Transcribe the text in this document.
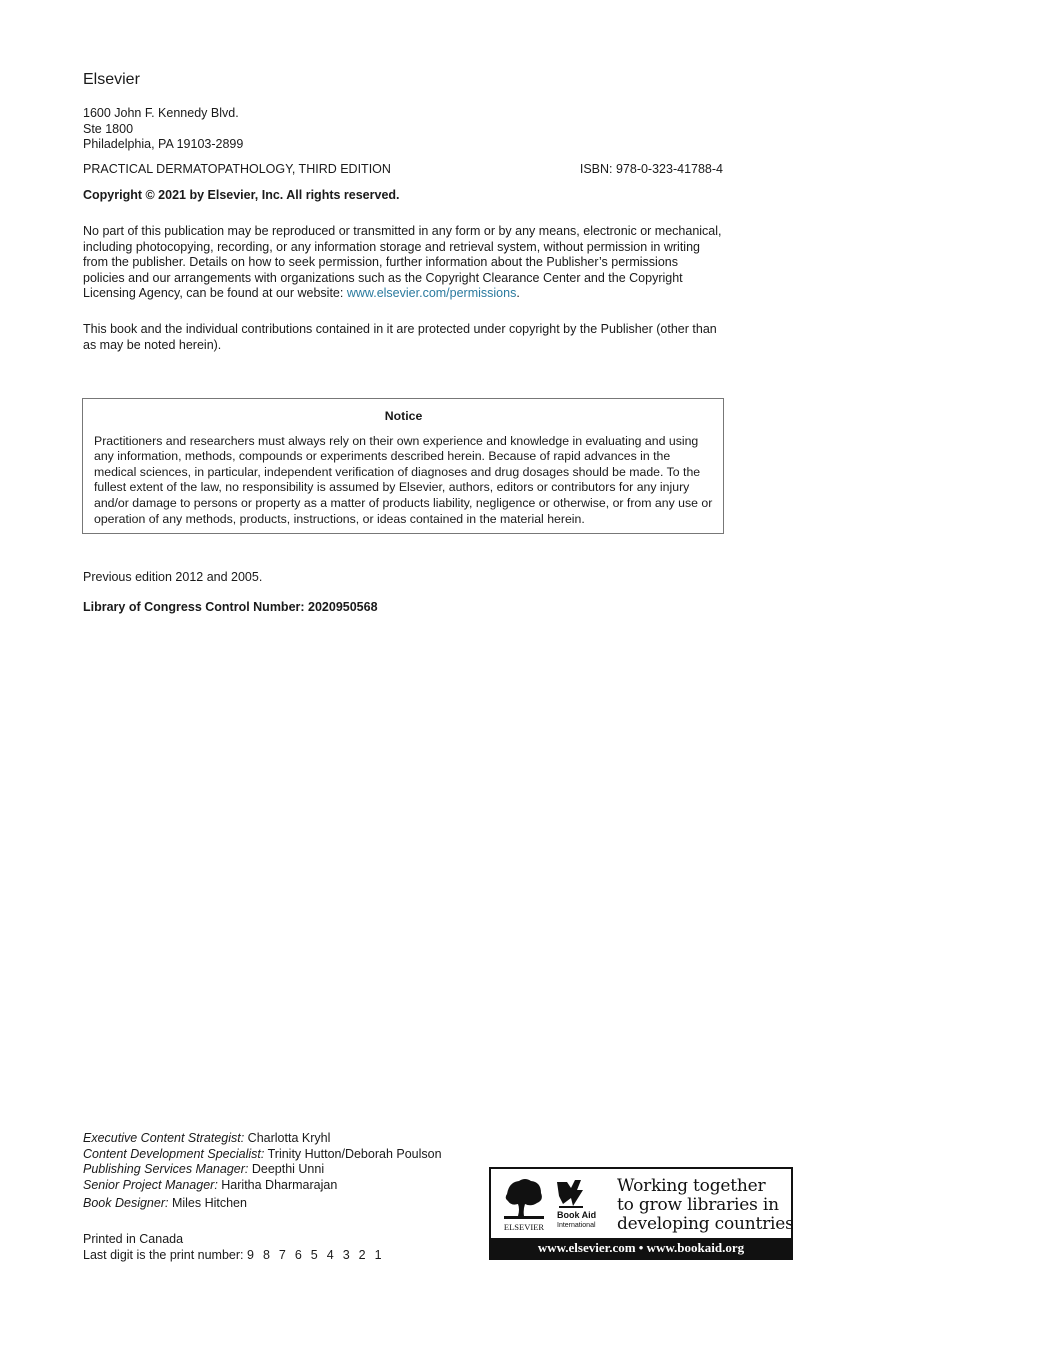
Elsevier
1600 John F. Kennedy Blvd.
Ste 1800
Philadelphia, PA 19103-2899
PRACTICAL DERMATOPATHOLOGY, THIRD EDITION	ISBN: 978-0-323-41788-4
Copyright © 2021 by Elsevier, Inc. All rights reserved.
No part of this publication may be reproduced or transmitted in any form or by any means, electronic or mechanical, including photocopying, recording, or any information storage and retrieval system, without permission in writing from the publisher. Details on how to seek permission, further information about the Publisher’s permissions policies and our arrangements with organizations such as the Copyright Clearance Center and the Copyright Licensing Agency, can be found at our website: www.elsevier.com/permissions.
This book and the individual contributions contained in it are protected under copyright by the Publisher (other than as may be noted herein).
Notice
Practitioners and researchers must always rely on their own experience and knowledge in evaluating and using any information, methods, compounds or experiments described herein. Because of rapid advances in the medical sciences, in particular, independent verification of diagnoses and drug dosages should be made. To the fullest extent of the law, no responsibility is assumed by Elsevier, authors, editors or contributors for any injury and/or damage to persons or property as a matter of products liability, negligence or otherwise, or from any use or operation of any methods, products, instructions, or ideas contained in the material herein.
Previous edition 2012 and 2005.
Library of Congress Control Number: 2020950568
Executive Content Strategist: Charlotta Kryhl
Content Development Specialist: Trinity Hutton/Deborah Poulson
Publishing Services Manager: Deepthi Unni
Senior Project Manager: Haritha Dharmarajan
Book Designer: Miles Hitchen
Printed in Canada
Last digit is the print number: 9 8 7 6 5 4 3 2 1
ELSEVIER
Book Aid
International
Working together
to grow libraries in
developing countries
www.elsevier.com • www.bookaid.org
